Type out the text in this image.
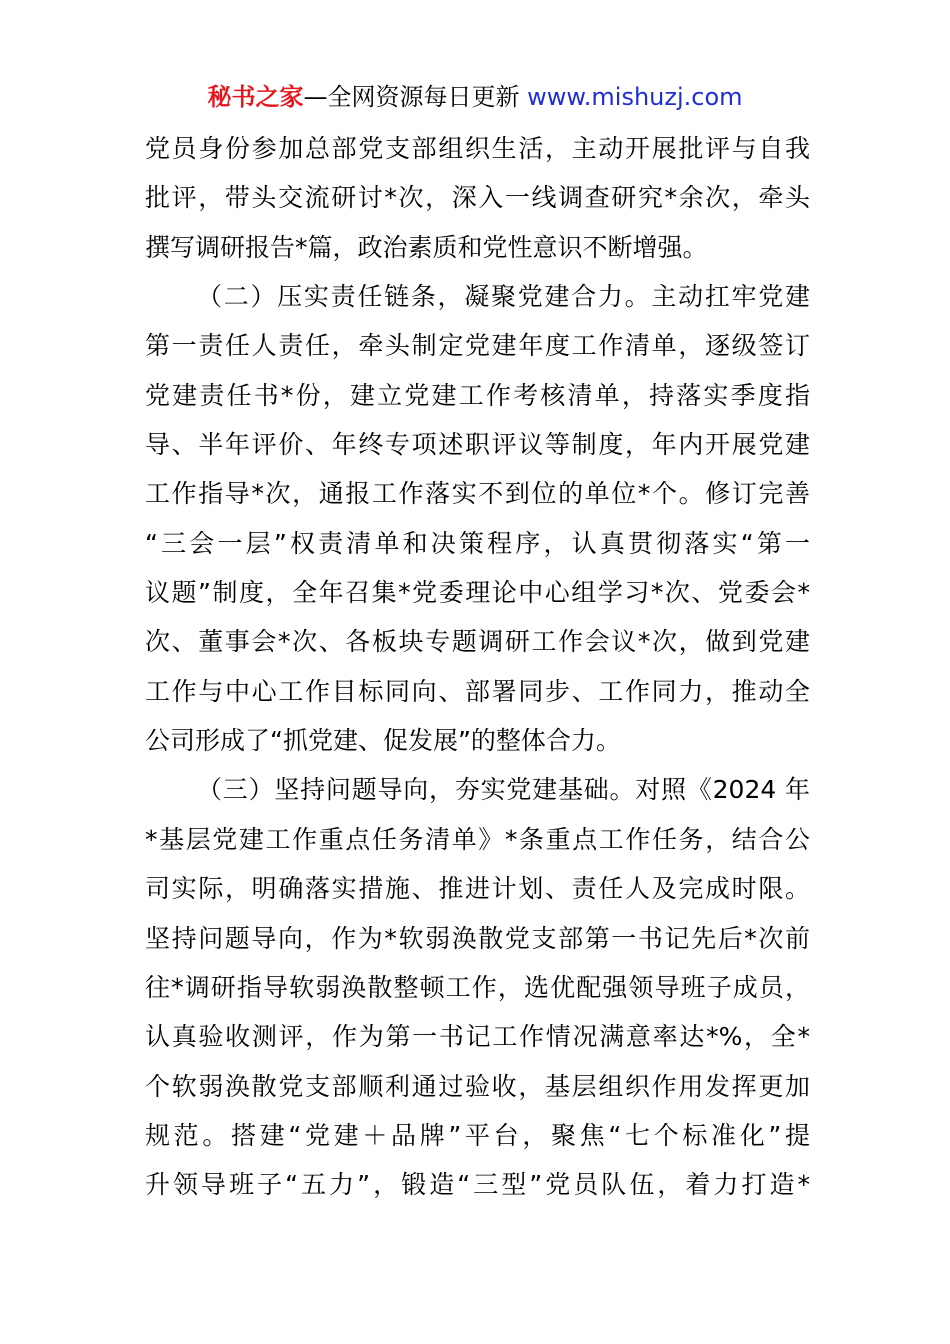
秘书之家—全网资源每日更新 www.mishuzj.com
党员身份参加总部党支部组织生活，主动开展批评与自我
批评，带头交流研讨*次，深入一线调查研究*余次，牵头
撰写调研报告*篇，政治素质和党性意识不断增强。
（二）压实责任链条，凝聚党建合力。主动扛牢党建
第一责任人责任，牵头制定党建年度工作清单，逐级签订
党建责任书*份，建立党建工作考核清单，持落实季度指
导、半年评价、年终专项述职评议等制度，年内开展党建
工作指导*次，通报工作落实不到位的单位*个。修订完善
“三会一层”权责清单和决策程序，认真贯彻落实“第一
议题”制度，全年召集*党委理论中心组学习*次、党委会*
次、董事会*次、各板块专题调研工作会议*次，做到党建
工作与中心工作目标同向、部署同步、工作同力，推动全
公司形成了“抓党建、促发展”的整体合力。
（三）坚持问题导向，夯实党建基础。对照《2024 年
*基层党建工作重点任务清单》*条重点工作任务，结合公
司实际，明确落实措施、推进计划、责任人及完成时限。
坚持问题导向，作为*软弱涣散党支部第一书记先后*次前
往*调研指导软弱涣散整顿工作，选优配强领导班子成员，
认真验收测评，作为第一书记工作情况满意率达*%，全*
个软弱涣散党支部顺利通过验收，基层组织作用发挥更加
规范。搭建“党建＋品牌”平台，聚焦“七个标准化”提
升领导班子“五力”，锻造“三型”党员队伍，着力打造*
